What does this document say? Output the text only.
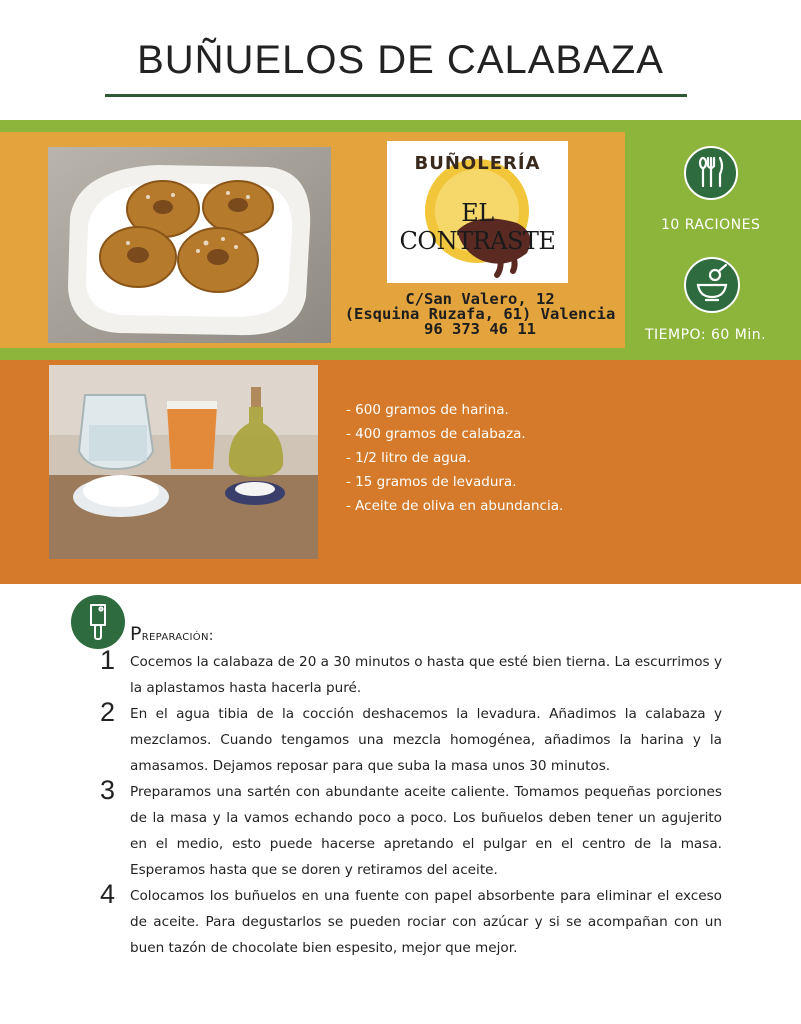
BUÑUELOS DE CALABAZA
BUÑOLERÍA
EL CONTRASTE
C/San Valero, 12
(Esquina Ruzafa, 61) Valencia
96 373 46 11
10 RACIONES
TIEMPO: 60 Min.
- 600 gramos de harina.
- 400 gramos de calabaza.
- 1/2 litro de agua.
- 15 gramos de levadura.
- Aceite de oliva en abundancia.
Preparación:
1 Cocemos la calabaza de 20 a 30 minutos o hasta que esté bien tierna. La escurrimos y la aplastamos hasta hacerla puré.
2 En el agua tibia de la cocción deshacemos la levadura. Añadimos la calabaza y mezclamos. Cuando tengamos una mezcla homogénea, añadimos la harina y la amasamos. Dejamos reposar para que suba la masa unos 30 minutos.
3 Preparamos una sartén con abundante aceite caliente. Tomamos pequeñas porciones de la masa y la vamos echando poco a poco. Los buñuelos deben tener un agujerito en el medio, esto puede hacerse apretando el pulgar en el centro de la masa. Esperamos hasta que se doren y retiramos del aceite.
4 Colocamos los buñuelos en una fuente con papel absorbente para eliminar el exceso de aceite. Para degustarlos se pueden rociar con azúcar y si se acompañan con un buen tazón de chocolate bien espesito, mejor que mejor.
